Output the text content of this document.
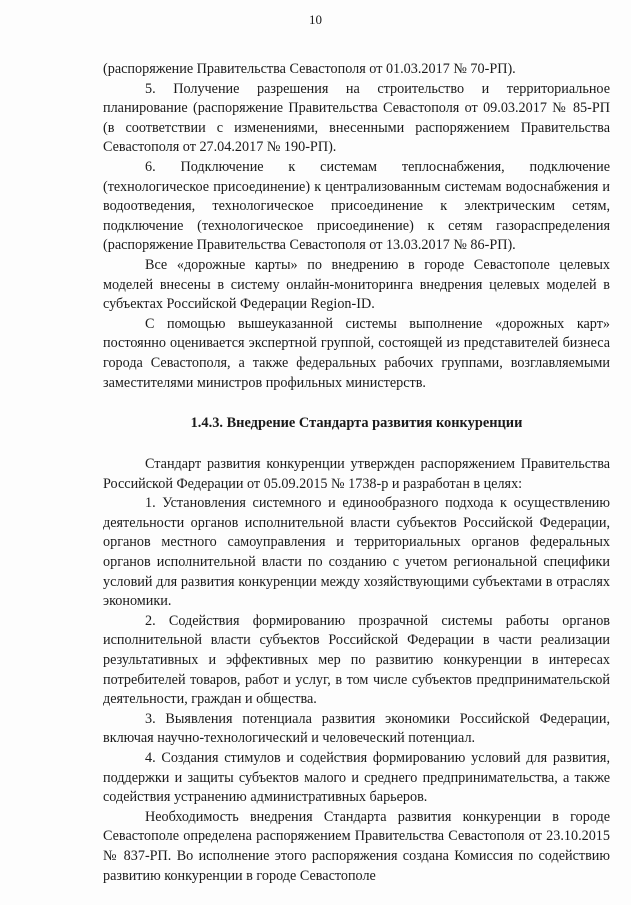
10

(распоряжение Правительства Севастополя от 01.03.2017 № 70-РП).

5. Получение разрешения на строительство и территориальное планирование (распоряжение Правительства Севастополя от 09.03.2017 № 85-РП (в соответствии с изменениями, внесенными распоряжением Правительства Севастополя от 27.04.2017 № 190-РП).

6. Подключение к системам теплоснабжения, подключение (технологическое присоединение) к централизованным системам водоснабжения и водоотведения, технологическое присоединение к электрическим сетям, подключение (технологическое присоединение) к сетям газораспределения (распоряжение Правительства Севастополя от 13.03.2017 № 86-РП).

Все «дорожные карты» по внедрению в городе Севастополе целевых моделей внесены в систему онлайн-мониторинга внедрения целевых моделей в субъектах Российской Федерации Region-ID.

С помощью вышеуказанной системы выполнение «дорожных карт» постоянно оценивается экспертной группой, состоящей из представителей бизнеса города Севастополя, а также федеральных рабочих группами, возглавляемыми заместителями министров профильных министерств.

1.4.3. Внедрение Стандарта развития конкуренции

Стандарт развития конкуренции утвержден распоряжением Правительства Российской Федерации от 05.09.2015 № 1738-р и разработан в целях:

1. Установления системного и единообразного подхода к осуществлению деятельности органов исполнительной власти субъектов Российской Федерации, органов местного самоуправления и территориальных органов федеральных органов исполнительной власти по созданию с учетом региональной специфики условий для развития конкуренции между хозяйствующими субъектами в отраслях экономики.

2. Содействия формированию прозрачной системы работы органов исполнительной власти субъектов Российской Федерации в части реализации результативных и эффективных мер по развитию конкуренции в интересах потребителей товаров, работ и услуг, в том числе субъектов предпринимательской деятельности, граждан и общества.

3. Выявления потенциала развития экономики Российской Федерации, включая научно-технологический и человеческий потенциал.

4. Создания стимулов и содействия формированию условий для развития, поддержки и защиты субъектов малого и среднего предпринимательства, а также содействия устранению административных барьеров.

Необходимость внедрения Стандарта развития конкуренции в городе Севастополе определена распоряжением Правительства Севастополя от 23.10.2015 № 837-РП. Во исполнение этого распоряжения создана Комиссия по содействию развитию конкуренции в городе Севастополе
